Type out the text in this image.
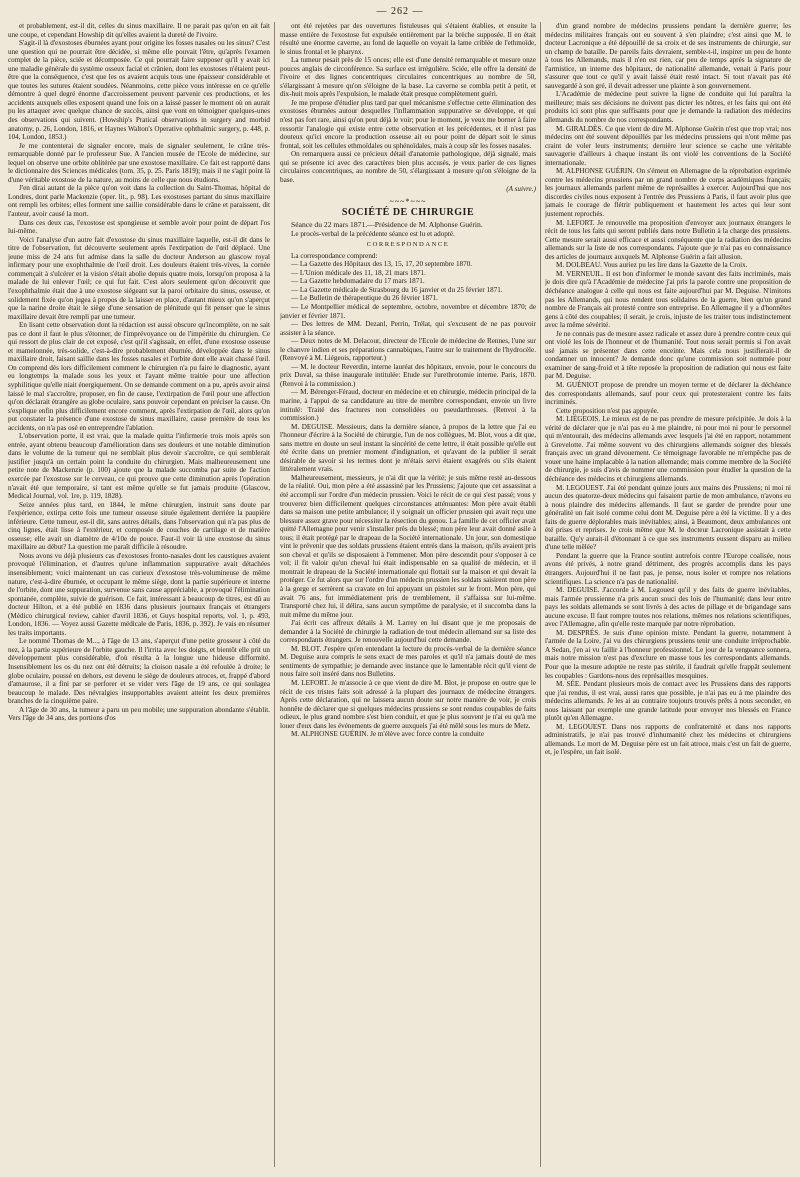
— 262 —

et probablement, est-il dit, celles du sinus maxillaire. Il ne parait pas qu'on en ait fait une coupe, et cependant Howship dit qu'elles avaient la dureté de l'ivoire.

S'agit-il là d'exostoses éburnées ayant pour origine les fosses nasales ou les sinus? C'est une question qui ne pourrait être décidée, si même elle pouvait l'être, qu'après l'examen complet de la pièce, sciée et décomposée. Ce qui pourrait faire supposer qu'il y avait ici une maladie générale du système osseux facial et crânien, dont les exostoses n'étaient peut-être que la conséquence, c'est que les os avaient acquis tous une épaisseur considérable et que toutes les sutures étaient soudées. Néanmoins, cette pièce vous intéresse en ce qu'elle démontre à quel degré énorme d'accroissement peuvent parvenir ces productions, et les accidents auxquels elles exposent quand une fois on a laissé passer le moment où on aurait pu les attaquer avec quelque chance de succès, ainsi que vont en témoigner quelques-unes des observations qui suivent. (Howship's Pratical observations in surgery and morbid anatomy, p. 26, London, 1816, et Haynes Walton's Operative ophthalmic surgery, p. 448, p. 104, London, 1853.)

Je me contenterai de signaler encore, mais de signaler seulement, le crâne très-remarquable donné par le professeur Sue. A l'ancien musée de l'Ecole de médecine, sur lequel on observe une orbite oblitérée par une exostose maxillaire. Ce fait est rapporté dans le dictionnaire des Sciences médicales (tom. 35, p. 25. Paris 1819); mais il ne s'agit point là d'une véritable exostose de la nature, au moins de celle que nous étudions.

J'en dirai autant de la pièce qu'on voit dans la collection du Saint-Thomas, hôpital de Londres, dont parle Mackenzie (oper. lit., p. 98). Les exostoses partant du sinus maxillaire ont rempli les orbites; elles forment une saillie considérable dans le crâne et paraissent, dit l'auteur, avoir causé la mort.

Dans ces deux cas, l'exostose est spongieuse et semble avoir pour point de départ l'os lui-même.

Voici l'analyse d'un autre fait d'exostose du sinus maxillaire laquelle, est-il dit dans le titre de l'observation, fut découverte seulement après l'extirpation de l'œil déplacé. Une jeune miss de 24 ans fut admise dans la salle du docteur Anderson au glascow royal infirmary pour une exophthalmie de l'œil droit. Les douleurs étaient très-vives, la cornée commençait à s'ulcérer et la vision s'était abolie depuis quatre mois, lorsqu'on proposa à la malade de lui enlever l'œil; ce qui fut fait. C'est alors seulement qu'on découvrit que l'exophthalmie était due à une exostose siégeant sur la paroi orbitaire du sinus, osseuse, et solidement fixée qu'on jugea à propos de la laisser en place, d'autant mieux qu'on s'aperçut que la narine droite était le siège d'une sensation de plénitude qui fit penser que le sinus maxillaire devait être rempli par une tumeur.

En lisant cette observation dont la rédaction est aussi obscure qu'incomplète, on ne sait pas ce dont il faut le plus s'étonner, de l'imprévoyance ou de l'impéritie du chirurgien. Ce qui ressort de plus clair de cet exposé, c'est qu'il s'agissait, en effet, d'une exostose osseuse et mamelonnée, très-solide, c'est-à-dire probablement éburnée, développée dans le sinus maxillaire droit, faisant saillie dans les fosses nasales et l'orbite dont elle avait chassé l'œil. On comprend dès lors difficilement comment le chirurgien n'a pu faire le diagnostic, ayant eu longtemps la malade sous les yeux et l'ayant même traitée pour une affection syphilitique qu'elle niait énergiquement. On se demande comment on a pu, après avoir ainsi laissé le mal s'accroître, proposer, en fin de cause, l'extirpation de l'œil pour une affection qu'on déclarait étrangère au globe oculaire, sans pouvoir cependant en préciser la cause. On s'explique enfin plus difficilement encore comment, après l'extirpation de l'œil, alors qu'on put constater la présence d'une exostose de sinus maxillaire, cause première de tous les accidents, on n'a pas osé en entreprendre l'ablation.

L'observation porte, il est vrai, que la malade quitta l'infirmerie trois mois après son entrée, ayant obtenu beaucoup d'amélioration dans ses douleurs et une notable diminution dans le volume de la tumeur qui ne semblait plus devoir s'accroître, ce qui semblerait justifier jusqu'à un certain point la conduite du chirurgien. Mais malheureusement une petite note de Mackenzie (p. 100) ajoute que la malade succomba par suite de l'action exercée par l'exostose sur le cerveau, ce qui prouve que cette diminution après l'opération n'avait été que temporaire, si tant est même qu'elle se fut jamais produite (Glascow, Medical Journal, vol. 1re, p. 119, 1828).

Seize années plus tard, en 1844, le même chirurgien, instruit sans doute par l'expérience, extirpa cette fois une tumeur osseuse située également derrière la paupière inférieure. Cette tumeur, est-il dit, sans autres détails, dans l'observation qui n'a pas plus de cinq lignes, était lisse à l'extérieur, et composée de couches de cartilage et de matière osseuse; elle avait un diamètre de 4/10e de pouce. Faut-il voir là une exostose du sinus maxillaire au début? La question me paraît difficile à résoudre.

Nous avons vu déjà plusieurs cas d'exostoses fronto-nasales dont les caustiques avaient provoqué l'élimination, et d'autres qu'une inflammation suppurative avait détachées insensiblement; voici maintenant un cas curieux d'exostose très-volumineuse de même nature, c'est-à-dire éburnée, et occupant le même siège, dont la partie supérieure et interne de l'orbite, dont une suppuration, survenue sans cause appréciable, a provoqué l'élimination spontanée, complète, suivie de guérison. Ce fait, intéressant à beaucoup de titres, est dû au docteur Hilton, et a été publié en 1836 dans plusieurs journaux français et étrangers (Médico chirurgical review, cahier d'avril 1836, et Guys hospital reports, vol. 1, p. 493, London, 1836. — Voyez aussi Gazette médicale de Paris, 1836, p. 392). Je vais en résumer les traits importants.

Le nommé Thomas de M..., à l'âge de 13 ans, s'aperçut d'une petite grosseur à côté du nez, à la partie supérieure de l'orbite gauche. Il l'irrita avec les doigts, et bientôt elle prit un développement plus considérable, d'où résulta à la longue une hideuse difformité. Insensiblement les os du nez ont été détruits; la cloison nasale a été refoulée à droite; le globe oculaire, poussé en dehors, est devenu le siège de douleurs atroces, et, frappé d'abord d'amaurose, il a fini par se perforer et se vider vers l'âge de 19 ans, ce qui soulagea beaucoup le malade. Des névralgies insupportables avaient atteint les deux premières branches de la cinquième paire.

A l'âge de 30 ans, la tumeur a paru un peu mobile; une suppuration abondante s'établit. Vers l'âge de 34 ans, des portions d'os

ont été rejetées par des ouvertures fistuleuses qui s'étaient établies, et ensuite la masse entière de l'exostose fut expulsée entièrement par la brèche supposée. Il en était résulté une énorme caverne, au fond de laquelle on voyait la lame criblée de l'ethmoïde, le sinus frontal et le pharynx.

La tumeur pesait près de 15 onces; elle est d'une densité remarquable et mesure onze pouces anglais de circonférence. Sa surface est irrégulière. Sciée, elle offre la densité de l'ivoire et des lignes concentriques circulaires concentriques au nombre de 50, s'élargissant à mesure qu'on s'éloigne de la base. La caverne se combla petit à petit, et dix-huit mois après l'expulsion, le malade était presque complètement guéri.

Je me propose d'étudier plus tard par quel mécanisme s'effectue cette élimination des exostoses éburnées autour desquelles l'inflammation suppurative se développe, et qui n'est pas fort rare, ainsi qu'on peut déjà le voir; pour le moment, je veux me borner à faire ressortir l'analogie qui existe entre cette observation et les précédentes, et il n'est pas douteux qu'ici encore la production osseuse ait eu pour point de départ soit le sinus frontal, soit les cellules ethmoïdales ou sphénoïdales, mais à coup sûr les fosses nasales.

On remarquera aussi ce précieux détail d'anatomie pathologique, déjà signalé, mais qui se présente ici avec des caractères bien plus accusés, je veux parler de ces lignes circulaires concentriques, au nombre de 50, s'élargissant à mesure qu'on s'éloigne de la base.

(A suivre.)
~~~*~~~
SOCIÉTÉ DE CHIRURGIE

Séance du 22 mars 1871.—Présidence de M. Alphonse Guérin.

Le procès-verbal de la précédente séance est lu et adopté.

CORRESPONDANCE

La correspondance comprend:

— La Gazette des Hôpitaux des 13, 15, 17, 20 septembre 1870.

— L'Union médicale des 11, 18, 21 mars 1871.

— La Gazette hebdomadaire du 17 mars 1871.

— La Gazette médicale de Strasbourg du 16 janvier et du 25 février 1871.

— Le Bulletin de thérapeutique du 26 février 1871.

— Le Montpellier médical de septembre, octobre, novembre et décembre 1870; de janvier et février 1871.

— Des lettres de MM. Dezanl, Perrin, Trélat, qui s'excusent de ne pas pouvoir assister à la séance.

— Deux notes de M. Delacour, directeur de l'Ecole de médecine de Rennes, l'une sur le chanvre indien et ses préparations cannabiques, l'autre sur le traitement de l'hydrocèle. (Renvoyé à M. Liégeois, rapporteur.)

— M. le docteur Reverdin, interne lauréat des hôpitaux, envoie, pour le concours du prix Duval, sa thèse inaugurale intitulée: Etude sur l'urethrotomie interne. Paris, 1870. (Renvoi à la commission.)

— M. Bérenger-Féraud, docteur en médecine et en chirurgie, médecin principal de la marine, à l'appui de sa candidature au titre de membre correspondant, envoie un livre intitulé: Traité des fractures non consolidées ou pseudarthroses. (Renvoi à la commission.)

M. DEGUISE. Messieurs, dans la dernière séance, à propos de la lettre que j'ai eu l'honneur d'écrire à la Société de chirurgie, l'un de nos collègues, M. Blot, vous a dit que, sans mettre en doute un seul instant la sincérité de cette lettre, il était possible qu'elle eut été écrite dans un premier moment d'indignation, et qu'avant de la publier il serait désirable de savoir si les termes dont je m'étais servi étaient exagérés ou s'ils étaient littéralement vrais.

Malheureusement, messieurs, je n'ai dit que la vérité; je suis même resté au-dessous de la réalité. Oui, mon père a été assassiné par les Prussiens; j'ajoute que cet assassinat a été accompli sur l'ordre d'un médecin prussien. Voici le récit de ce qui s'est passé; vous y trouverez bien difficilement quelques circonstances atténuantes: Mon père avait établi dans sa maison une petite ambulance; il y soignait un officier prussien qui avait reçu une blessure assez grave pour nécessiter la résection du genou. La famille de cet officier avait quitté l'Allemagne pour venir s'installer près du blessé; mon père leur avait donné asile à tous; il était protégé par le drapeau de la Société internationale. Un jour, son domestique vint le prévenir que des soldats prussiens étaient entrés dans la maison, qu'ils avaient pris son cheval et qu'ils se disposaient à l'emmener. Mon père descendit pour s'opposer à ce vol; il fit valoir qu'un cheval lui était indispensable en sa qualité de médecin, et il montrait le drapeau de la Société internationale qui flottait sur la maison et qui devait la protéger. Ce fut alors que sur l'ordre d'un médecin prussien les soldats saisirent mon père à la gorge et serrèrent sa cravate en lui appuyant un pistolet sur le front. Mon père, qui avait 76 ans, fut immédiatement pris de tremblement, il s'affaissa sur lui-même. Transporté chez lui, il délira, sans aucun symptôme de paralysie, et il succomba dans la nuit même du même jour.

J'ai écrit ces affreux détails à M. Larrey en lui disant que je me proposais de demander à la Société de chirurgie la radiation de tout médecin allemand sur sa liste des correspondants étrangers. Je renouvelle aujourd'hui cette demande.

M. BLOT. J'espère qu'en entendant la lecture du procès-verbal de la dernière séance M. Deguise aura compris le sens exact de mes paroles et qu'il n'a jamais douté de mes sentiments de sympathie; je demande avec instance que le lamentable récit qu'il vient de nous faire soit inséré dans nos Bulletins.

M. LEFORT. Je m'associe à ce que vient de dire M. Blot, je propose en outre que le récit de ces tristes faits soit adressé à la plupart des journaux de médecine étrangers. Après cette déclaration, qui ne laissera aucun doute sur notre manière de voir, je crois honnête de déclarer que si quelques médecins prussiens se sont rendus coupables de faits odieux, le plus grand nombre s'est bien conduit, et que je plus souvent je n'ai eu qu'à me louer d'eux dans les événements de guerre auxquels j'ai été mêlé sous les murs de Metz.

M. ALPHONSE GUÉRIN. Je m'élève avec force contre la conduite

d'un grand nombre de médecins prussiens pendant la dernière guerre; les médecins militaires français ont eu souvent à s'en plaindre; c'est ainsi que M. le docteur Lacronique a été dépouillé de sa croix et de ses instruments de chirurgie, sur un champ de bataille. De pareils faits devraient, semble-t-il, inspirer un peu de honte à tous les Allemands, mais il n'en est rien, car peu de temps après la signature de l'armistice, un interne des hôpitaux, de nationalité allemande, venait à Paris pour s'assurer que tout ce qu'il y avait laissé était resté intact. Si tout n'avait pas été sauvegardé à son gré, il devait adresser une plainte à son gouvernement.

L'Académie de médecine peut suivre la ligne de conduite qui lui paraîtra la meilleure; mais ses décisions ne doivent pas dicter les nôtres, et les faits qui ont été produits ici sont plus que suffisants pour que je demande la radiation des médecins allemands du nombre de nos correspondants.

M. GIRALDÈS. Ce que vient de dire M. Alphonse Guérin n'est que trop vrai; nos médecins ont été souvent dépouillés par les médecins prussiens qui n'ont même pas craint de voler leurs instruments; dernière leur science se cache une véritable sauvagerie d'ailleurs à chaque instant ils ont violé les conventions de la Société internationale.

M. ALPHONSE GUÉRIN. On s'émeut en Allemagne de la réprobation exprimée contre les médecins prussiens par un grand nombre de corps académiques français; les journaux allemands parlent même de représailles à exercer. Aujourd'hui que nos discordes civiles nous exposent à l'entrée des Prussiens à Paris, il faut avoir plus que jamais le courage de flétrir publiquement et hautement les actes qui leur sont justement reprochés.

M. LEFORT. Je renouvelle ma proposition d'envoyer aux journaux étrangers le récit de tous les faits qui seront publiés dans notre Bulletin à la charge des prussiens. Cette mesure serait aussi efficace et aussi conséquente que la radiation des médecins allemands sur la liste de nos correspondants. J'ajoute que je n'ai pas eu connaissance des articles de journaux auxquels M. Alphonse Guérin a fait allusion.

M. DOLBEAU. Vous auriez pu les lire dans la Gazette de la Croix.

M. VERNEUIL. Il est bon d'informer le monde savant des faits incriminés, mais je dois dire qu'à l'Académie de médecine j'ai pris la parole contre une proposition de déchéance analogue à celle qui nous est faite aujourd'hui par M. Deguise. N'imitons pas les Allemands, qui nous rendent tous solidaires de la guerre, bien qu'un grand nombre de Français ait protesté contre son entreprise. En Allemagne il y a d'honnêtes gens à côté des coupables; il serait, je crois, injuste de les traiter tous indistinctement avec la même sévérité.

Je ne connais pas de mesure assez radicale et assez dure à prendre contre ceux qui ont violé les lois de l'honneur et de l'humanité. Tout nous serait permis si l'on avait usé jamais se présenter dans cette enceinte. Mais cela nous justifierait-il de condamner un innocent? Je demande donc qu'une commission soit nommée pour examiner de sang-froid et à tête reposée la proposition de radiation qui nous est faite par M. Deguise.

M. GUÉNIOT propose de prendre un moyen terme et de déclarer la déchéance des correspondants allemands, sauf pour ceux qui protesteraient contre les faits incriminés.

Cette proposition n'est pas appuyée.

M. LIÉGEOIS. Le mieux est de ne pas prendre de mesure précipitée. Je dois à la vérité de déclarer que je n'ai pas eu à me plaindre, ni pour moi ni pour le personnel qui m'entourait, des médecins allemands avec lesquels j'ai été en rapport, notamment à Grevelotte. J'ai même souvent vu des chirurgiens allemands soigner des blessés français avec un grand dévouement. Ce témoignage favorable ne m'empêche pas de vouer une haine implacable à la nation allemande; mais comme membre de la Société de chirurgie, je suis d'avis de nommer une commission pour étudier la question de la déchéance des médecins et chirurgiens allemands.

M. LEGOUEST. J'ai été pendant quinze jours aux mains des Prussiens; ni moi ni aucun des quatorze-deux médecins qui faisaient partie de mon ambulance, n'avons eu à nous plaindre des médecins allemands. Il faut se garder de prendre pour une généralité un fait isolé comme celui dont M. Deguise père a été la victime. Il y a des faits de guerre déplorables mais inévitables; ainsi, à Beaumont, deux ambulances ont été prises et reprises. Je crois même que M. le docteur Lacronique assistait à cette bataille. Qu'y aurait-il d'étonnant à ce que ses instruments eussent disparu au milieu d'une telle mêlée?

Pendant la guerre que la France soutint autrefois contre l'Europe coalisée, nous avons été privés, à notre grand détriment, des progrès accomplis dans les pays étrangers. Aujourd'hui il ne faut pas, je pense, nous isoler et rompre nos relations scientifiques. La science n'a pas de nationalité.

M. DEGUISE. J'accorde à M. Legouest qu'il y des faits de guerre inévitables, mais l'armée prussienne n'a pris aucun souci des lois de l'humanité; dans leur entre pays les soldats allemands se sont livrés à des actes de pillage et de brigandage sans aucune excuse. Il faut rompre toutes nos relations, mêmes nos relations scientifiques, avec l'Allemagne, afin qu'elle reste marquée par notre réprobation.

M. DESPRÉS. Je suis d'une opinion mixte. Pendant la guerre, notamment à l'armée de la Loire, j'ai vu des chirurgiens prussiens tenir une conduite irréprochable. A Sedan, j'en ai vu faillir à l'honneur professionnel. Le jour de la vengeance sonnera, mais notre mission n'est pas d'exclure en masse tous les correspondants allemands. Pour que la mesure adoptée ne reste pas stérile, il faudrait qu'elle frappât seulement les coupables : Gardons-nous des représailles mesquines.

M. SÉE. Pendant plusieurs mois de contact avec les Prussiens dans des rapports que j'ai rendus, il est vrai, aussi rares que possible, je n'ai pas eu à me plaindre des médecins allemands. Je les ai au contraire toujours trouvés prêts à nous seconder, en nous laissant par exemple une grande latitude pour envoyer nos blessés en France plutôt qu'en Allemagne.

M. LEGOUEST. Dans nos rapports de confraternité et dans nos rapports administratifs, je n'ai pas trouvé d'inhumanité chez les médecins et chirurgiens allemands. Le mort de M. Deguise père est un fait atroce, mais c'est un fait de guerre, et, je l'espère, un fait isolé.
